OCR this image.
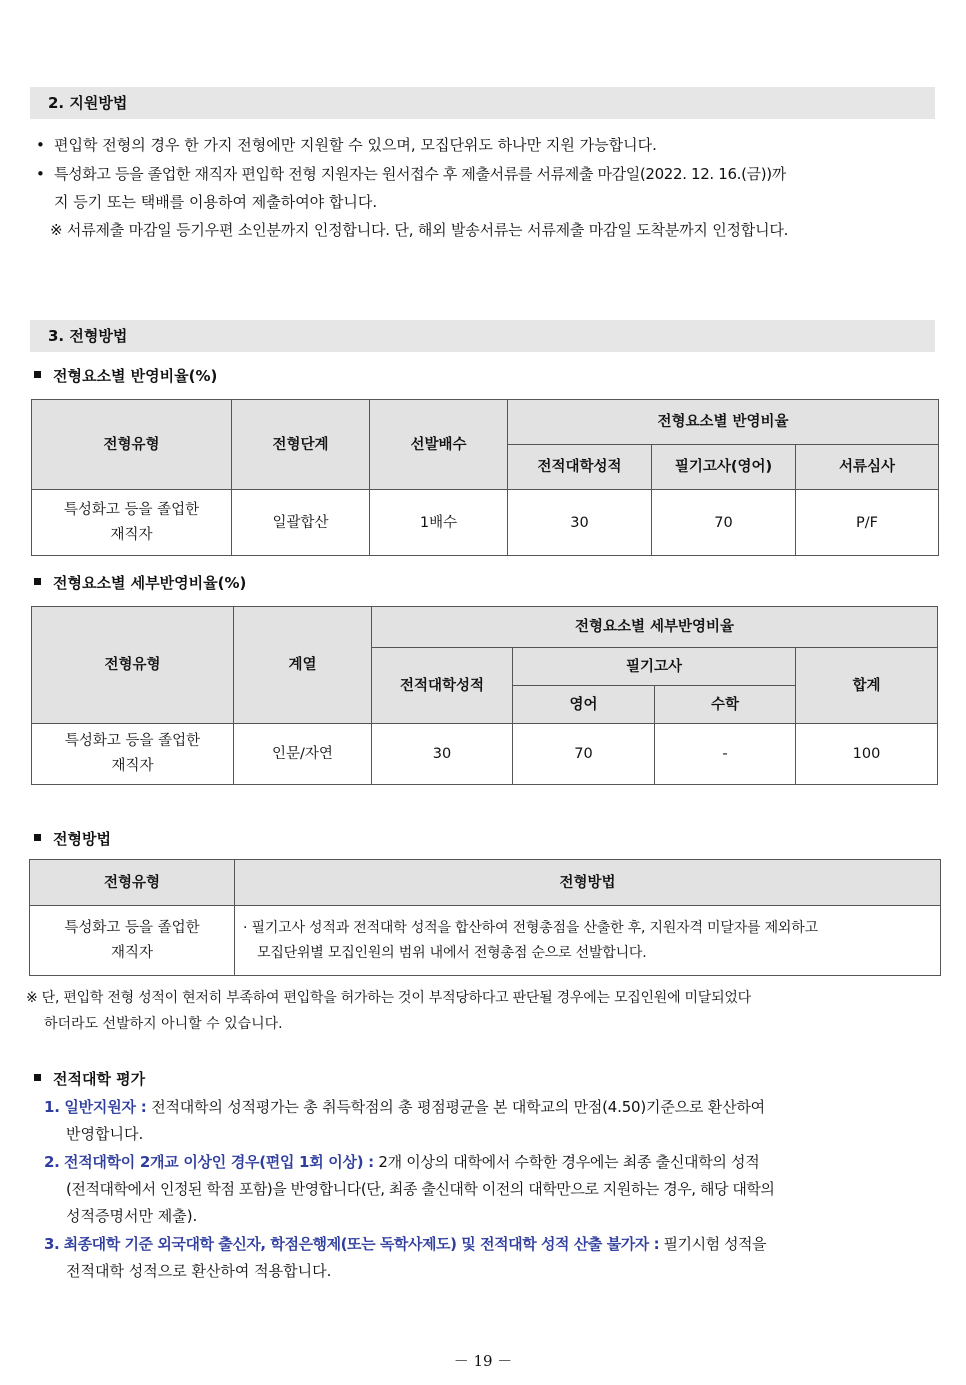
2. 지원방법
• 편입학 전형의 경우 한 가지 전형에만 지원할 수 있으며, 모집단위도 하나만 지원 가능합니다.
• 특성화고 등을 졸업한 재직자 편입학 전형 지원자는 원서접수 후 제출서류를 서류제출 마감일(2022. 12. 16.(금))까
지 등기 또는 택배를 이용하여 제출하여야 합니다.
※ 서류제출 마감일 등기우편 소인분까지 인정합니다. 단, 해외 발송서류는 서류제출 마감일 도착분까지 인정합니다.
3. 전형방법
전형요소별 반영비율(%)
전형유형	전형단계	선발배수	전형요소별 반영비율		
			전적대학성적	필기고사(영어)	서류심사

특성화고 등을 졸업한 재직자	일괄합산	1배수	30	70	P/F
전형요소별 세부반영비율(%)
전형유형	계열	전형요소별 세부반영비율			
		전적대학성적	필기고사		합계
			영어	수학	

특성화고 등을 졸업한 재직자	인문/자연	30	70	-	100
전형방법
전형유형	전형방법

특성화고 등을 졸업한 재직자	· 필기고사 성적과 전적대학 성적을 합산하여 전형총점을 산출한 후, 지원자격 미달자를 제외하고
모집단위별 모집인원의 범위 내에서 전형총점 순으로 선발합니다.
※ 단, 편입학 전형 성적이 현저히 부족하여 편입학을 허가하는 것이 부적당하다고 판단될 경우에는 모집인원에 미달되었다
하더라도 선발하지 아니할 수 있습니다.
전적대학 평가
1. 일반지원자 : 전적대학의 성적평가는 총 취득학점의 총 평점평균을 본 대학교의 만점(4.50)기준으로 환산하여
반영합니다.
2. 전적대학이 2개교 이상인 경우(편입 1회 이상) : 2개 이상의 대학에서 수학한 경우에는 최종 출신대학의 성적
(전적대학에서 인정된 학점 포함)을 반영합니다(단, 최종 출신대학 이전의 대학만으로 지원하는 경우, 해당 대학의
성적증명서만 제출).
3. 최종대학 기준 외국대학 출신자, 학점은행제(또는 독학사제도) 및 전적대학 성적 산출 불가자 : 필기시험 성적을
전적대학 성적으로 환산하여 적용합니다.
－ 19 －
